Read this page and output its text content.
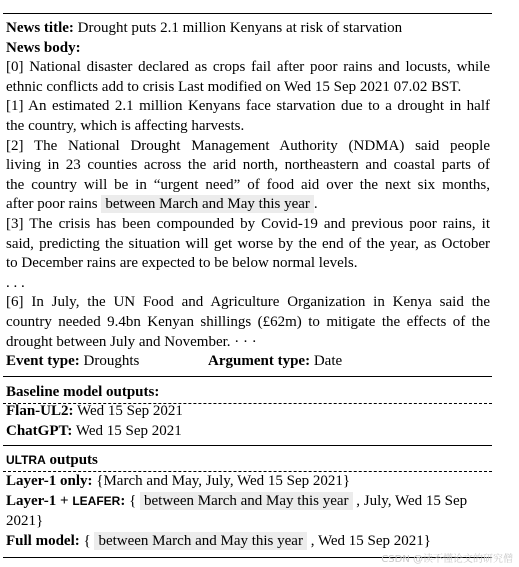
News title: Drought puts 2.1 million Kenyans at risk of starvation
News body:
[0] National disaster declared as crops fail after poor rains and locusts, while
ethnic conflicts add to crisis Last modified on Wed 15 Sep 2021 07.02 BST.
[1] An estimated 2.1 million Kenyans face starvation due to a drought in half
the country, which is affecting harvests.
[2] The National Drought Management Authority (NDMA) said people
living in 23 counties across the arid north, northeastern and coastal parts of
the country will be in “urgent need” of food aid over the next six months,
after poor rains between March and May this year .
[3] The crisis has been compounded by Covid-19 and previous poor rains, it
said, predicting the situation will get worse by the end of the year, as October
to December rains are expected to be below normal levels.
. . .
[6] In July, the UN Food and Agriculture Organization in Kenya said the
country needed 9.4bn Kenyan shillings (£62m) to mitigate the effects of the
drought between July and November. · · ·
Event type: Droughts	Argument type: Date
Baseline model outputs:
Flan-UL2: Wed 15 Sep 2021
ChatGPT: Wed 15 Sep 2021
ULTRA outputs
Layer-1 only: {March and May, July, Wed 15 Sep 2021}
Layer-1 + LEAFER: { between March and May this year , July, Wed 15 Sep
2021}
Full model: { between March and May this year , Wed 15 Sep 2021}
CSDN @读不懂论文的研究僧
